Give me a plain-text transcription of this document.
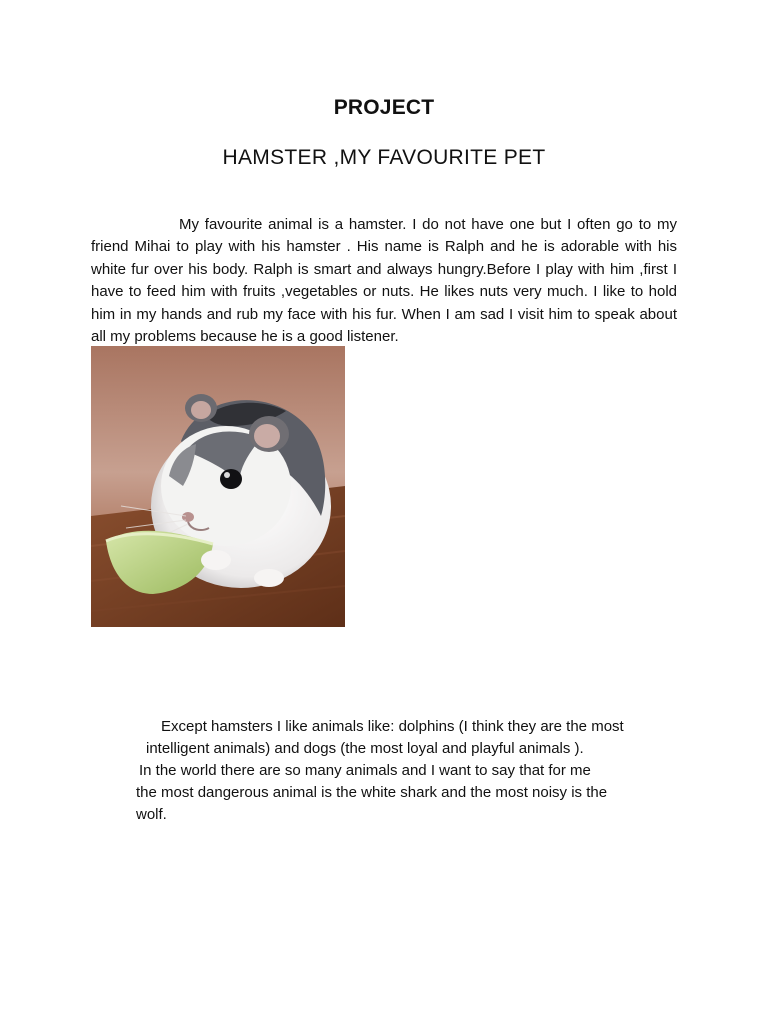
PROJECT
HAMSTER ,MY FAVOURITE PET

My favourite animal is a hamster. I do not have one but I often go to my friend Mihai to play with his hamster . His name is Ralph and he is adorable with his white fur over his body. Ralph is smart and always hungry.Before I play with him ,first I have to feed him with fruits ,vegetables or nuts. He likes nuts very much. I like to hold him in my hands and rub my face with his fur. When I am sad I visit him to speak about all my problems because he is a good listener.

Except hamsters I like animals like: dolphins (I think they are the most
intelligent animals) and dogs (the most loyal and playful animals ).
In the world there are so many animals and I want to say that for me
the most dangerous animal is the white shark and the most noisy is the
wolf.
